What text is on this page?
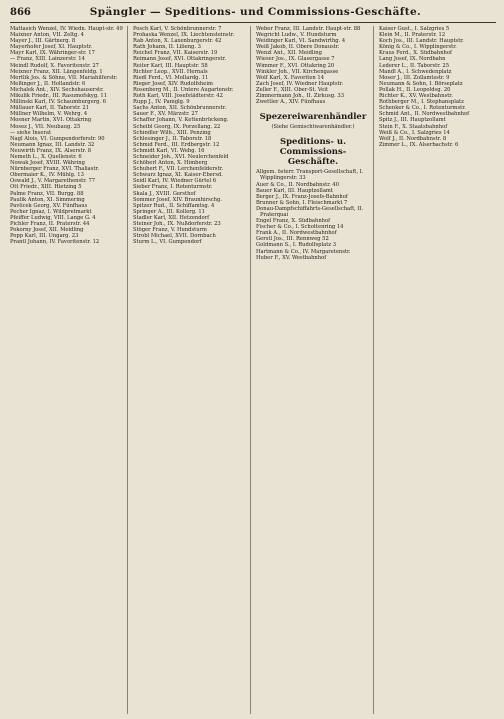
866	Spängler — Speditions- und Commissions-Geschäfte.

Mattasich Wenzel, IV. Wiedn. Haupt-str. 49

Maixner Anton, VII. Zeltg. 4

Mayer J., III. Gärtnerg. 8

Mayerhofer Josef, XI. Hauptstr.

Mayr Karl, IX. Währinger-str. 17

— Franz, XIII. Lainzerstr. 14

Meindl Rudolf, X. Favoritenstr. 27

Meixner Franz, XII. Längenfeldg. 1

Mertlik Jos. & Söhne, VII. Mariahilferstr.

Meßinger J., II. Hollandstr. 6

Michalek Ant., XIV. Sechshauserstr.

Mikulik Friedr., III. Rasumofskyg. 11

Millinski Karl, IV. Schaumburgerg. 6

Müllauer Karl, II. Taborstr. 21

Müllner Wilhelm, V. Wehrg. 4

Mosner Martin, XVI. Ottakring

Mosez J., VII. Neubaug. 25

— siehe Inserat

Nagl Alois, VI. Gumpendorferstr. 90

Neumann Ignaz, III. Landstr. 32

Neuwirth Franz, IX. Alserstr. 8

Nemeth L., X. Quellenstr. 6

Nowak Josef, XVIII. Währing

Nürnberger Franz, XVI. Thaliastr.

Obermaier K., IV. Mühlg. 13

Oswald J., V. Margarethenstr. 77

Ott Friedr., XIII. Hietzing 5

Palme Franz, VII. Burgg. 88

Paulik Anton, XI. Simmering

Pavlicek Georg, XV. Fünfhaus

Pecher Ignaz, I. Wildpretmarkt

Pfeiffer Ludwig, VIII. Lange G. 4

Pichler Franz, II. Praterstr. 44

Pokorny Josef, XII. Meidling

Popp Karl, III. Ungarg. 23

Prantl Johann, IV. Favoritenstr. 12

Posch Karl, V. Schönbrunnerstr. 7

Prohaska Wenzel, IX. Liechtensteinstr.

Rab Anton, X. Laxenburgerstr. 42

Rath Johann, II. Lilieng. 3

Reichel Franz, VII. Kaiserstr. 19

Reimann Josef, XVI. Ottakringerstr.

Reiter Karl, III. Hauptstr. 58

Richter Leop., XVII. Hernals

Riedl Ferd., VI. Mollardg. 11

Rieger Josef, XIV. Rudolfsheim

Rosenberg M., II. Untere Augartenstr.

Roth Karl, VIII. Josefstädterstr. 42

Rupp J., IV. Paniglg. 9

Sachs Anton, XII. Schönbrunnerstr.

Sauer F., XV. Märzstr. 27

Schaffer Johann, V. Kettenbrückeng.

Scheibl Georg, IX. Porzellang. 22

Schindler Wilh., XIII. Penzing

Schlesinger J., II. Taborstr. 18

Schmid Ferd., III. Erdbergstr. 12

Schmidt Karl, VI. Webg. 16

Schneider Joh., XVI. Neulerchenfeld

Schöberl Anton, X. Himberg

Schubert F., VII. Lerchenfelderstr.

Schwarz Ignaz, XI. Kaiser-Ebersd.

Seidl Karl, IV. Wiedner Gürtel 6

Sieber Franz, I. Rotenturmstr.

Skala J., XVIII. Gersthof

Sommer Josef, XIV. Braunhirschg.

Spitzer Rud., II. Schiffamtsg. 4

Springer A., III. Kollerg. 11

Stadler Karl, XII. Hetzendorf

Steiner Joh., IX. Nußdorferstr. 23

Stöger Franz, V. Hundsturm

Strobl Michael, XVII. Dornbach

Sturm L., VI. Gumpendorf

Weber Franz, III. Landstr. Haupt-str. 88

Wegricht Ludw., V. Hundsturm

Weidinger Karl, VI. Sandwirthg. 4

Weiß Jakob, II. Obere Donaustr.

Wenzl Ant., XII. Meidling

Wieser Jos., IX. Glasergasse 7

Wimmer F., XVI. Ottakring 20

Winkler Joh., VII. Kirchengasse

Wolf Karl, X. Favoriten 14

Zach Josef, IV. Wiedner Hauptstr.

Zeller F., XIII. Ober-St. Veit

Zimmermann Joh., II. Zirkusg. 33

Zwettler A., XIV. Fünfhaus

Spezereiwarenhändler
(Siehe Gemischtwarenhändler.)
Speditions- u. Commissions-Geschäfte.

Allgem. österr. Transport-Gesellschaft, I. Wipplingerstr. 33

Auer & Co., II. Nordbahnstr. 40

Bauer Karl, III. Hauptzollamt

Berger J., IX. Franz-Josefs-Bahnhof

Brunner & Sohn, I. Fleischmarkt 7

Donau-Dampfschiffahrts-Gesellschaft, II. Praterquai

Engel Franz, X. Südbahnhof

Fischer & Co., I. Schottenring 14

Frank A., II. Nordwestbahnhof

Gerstl Jos., III. Rennweg 52

Goldmann S., I. Rudolfsplatz 3

Hartmann & Co., IV. Margaretenstr.

Huber F., XV. Westbahnhof

Kaiser Gust., I. Salzgries 5

Klein M., II. Praterstr. 12

Koch Jos., III. Landstr. Hauptstr.

König & Co., I. Wipplingerstr.

Kraus Ferd., X. Südbahnhof

Lang Josef, IX. Nordbahn

Lederer L., II. Taborstr. 25

Mandl A., I. Schwedenplatz

Moser J., III. Zollamtsstr. 9

Neumann & Sohn, I. Börseplatz

Pollak H., II. Leopoldsg. 20

Richter K., XV. Westbahnstr.

Rothberger M., I. Stephansplatz

Schenker & Co., I. Rotenturmstr.

Schmid Ant., II. Nordwestbahnhof

Spitz J., III. Hauptzollamt

Stein F., X. Staatsbahnhof

Weiß & Co., I. Salzgries 14

Wolf J., II. Nordbahnstr. 8

Zimmer L., IX. Alserbachstr. 6
